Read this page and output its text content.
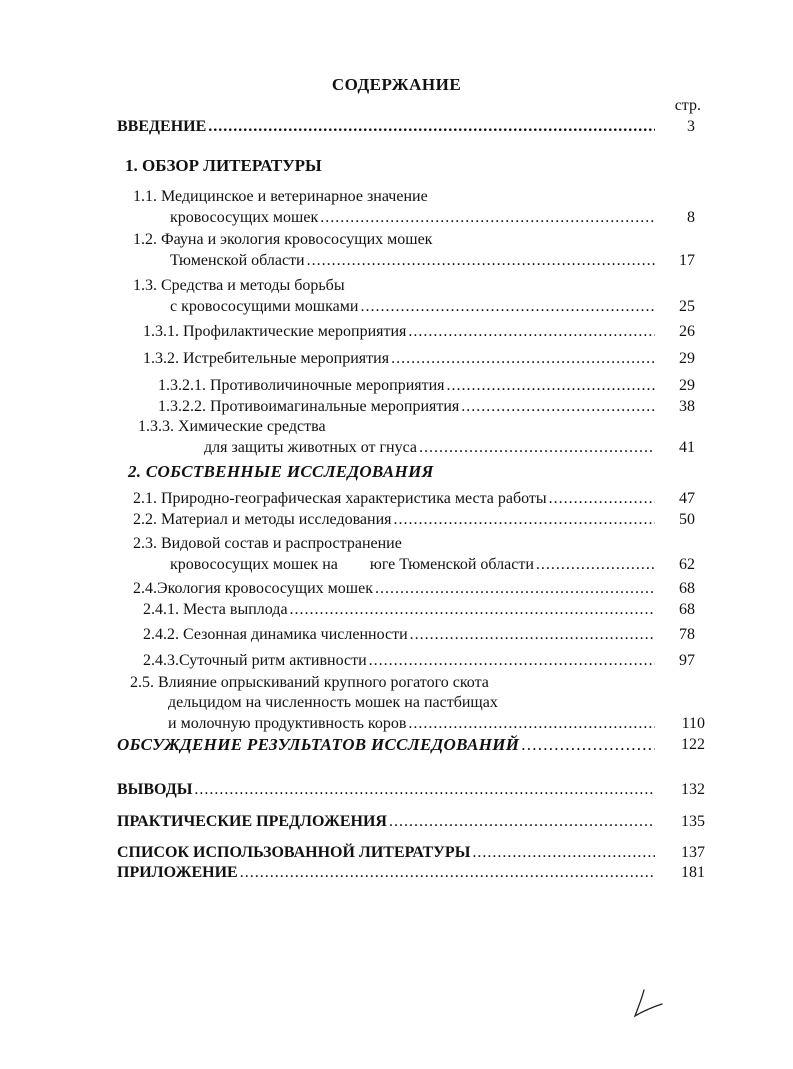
СОДЕРЖАНИЕ
стр.
ВВЕДЕНИЕ . . .	3
1. ОБЗОР ЛИТЕРАТУРЫ
1.1. Медицинское и ветеринарное значение
кровососущих мошек . . .	8
1.2. Фауна и экология кровососущих мошек
Тюменской области . . .	17
1.3. Средства и методы борьбы
с кровососущими мошками . . .	25
1.3.1. Профилактические мероприятия . . .	26
1.3.2. Истребительные мероприятия . . .	29
1.3.2.1. Противоличиночные мероприятия . . .	29
1.3.2.2. Противоимагинальные мероприятия . . .	38
1.3.3. Химические средства
для защиты животных от гнуса . . .	41
2. СОБСТВЕННЫЕ ИССЛЕДОВАНИЯ
2.1. Природно-географическая характеристика места работы . . .	47
2.2. Материал и методы исследования . . .	50
2.3. Видовой состав и распространение
кровососущих мошек на        юге Тюменской области . . .	62
2.4.Экология кровососущих мошек . . .	68
2.4.1. Места выплода . . .	68
2.4.2. Сезонная динамика численности . . .	78
2.4.3.Суточный ритм активности . . .	97
2.5. Влияние опрыскиваний крупного рогатого скота
дельцидом на численность мошек на пастбищах
и молочную продуктивность коров . . .	110
ОБСУЖДЕНИЕ РЕЗУЛЬТАТОВ ИССЛЕДОВАНИЙ . . .	122
ВЫВОДЫ . . .	132
ПРАКТИЧЕСКИЕ ПРЕДЛОЖЕНИЯ . . .	135
СПИСОК ИСПОЛЬЗОВАННОЙ ЛИТЕРАТУРЫ . . .	137
ПРИЛОЖЕНИЕ . . .	181
